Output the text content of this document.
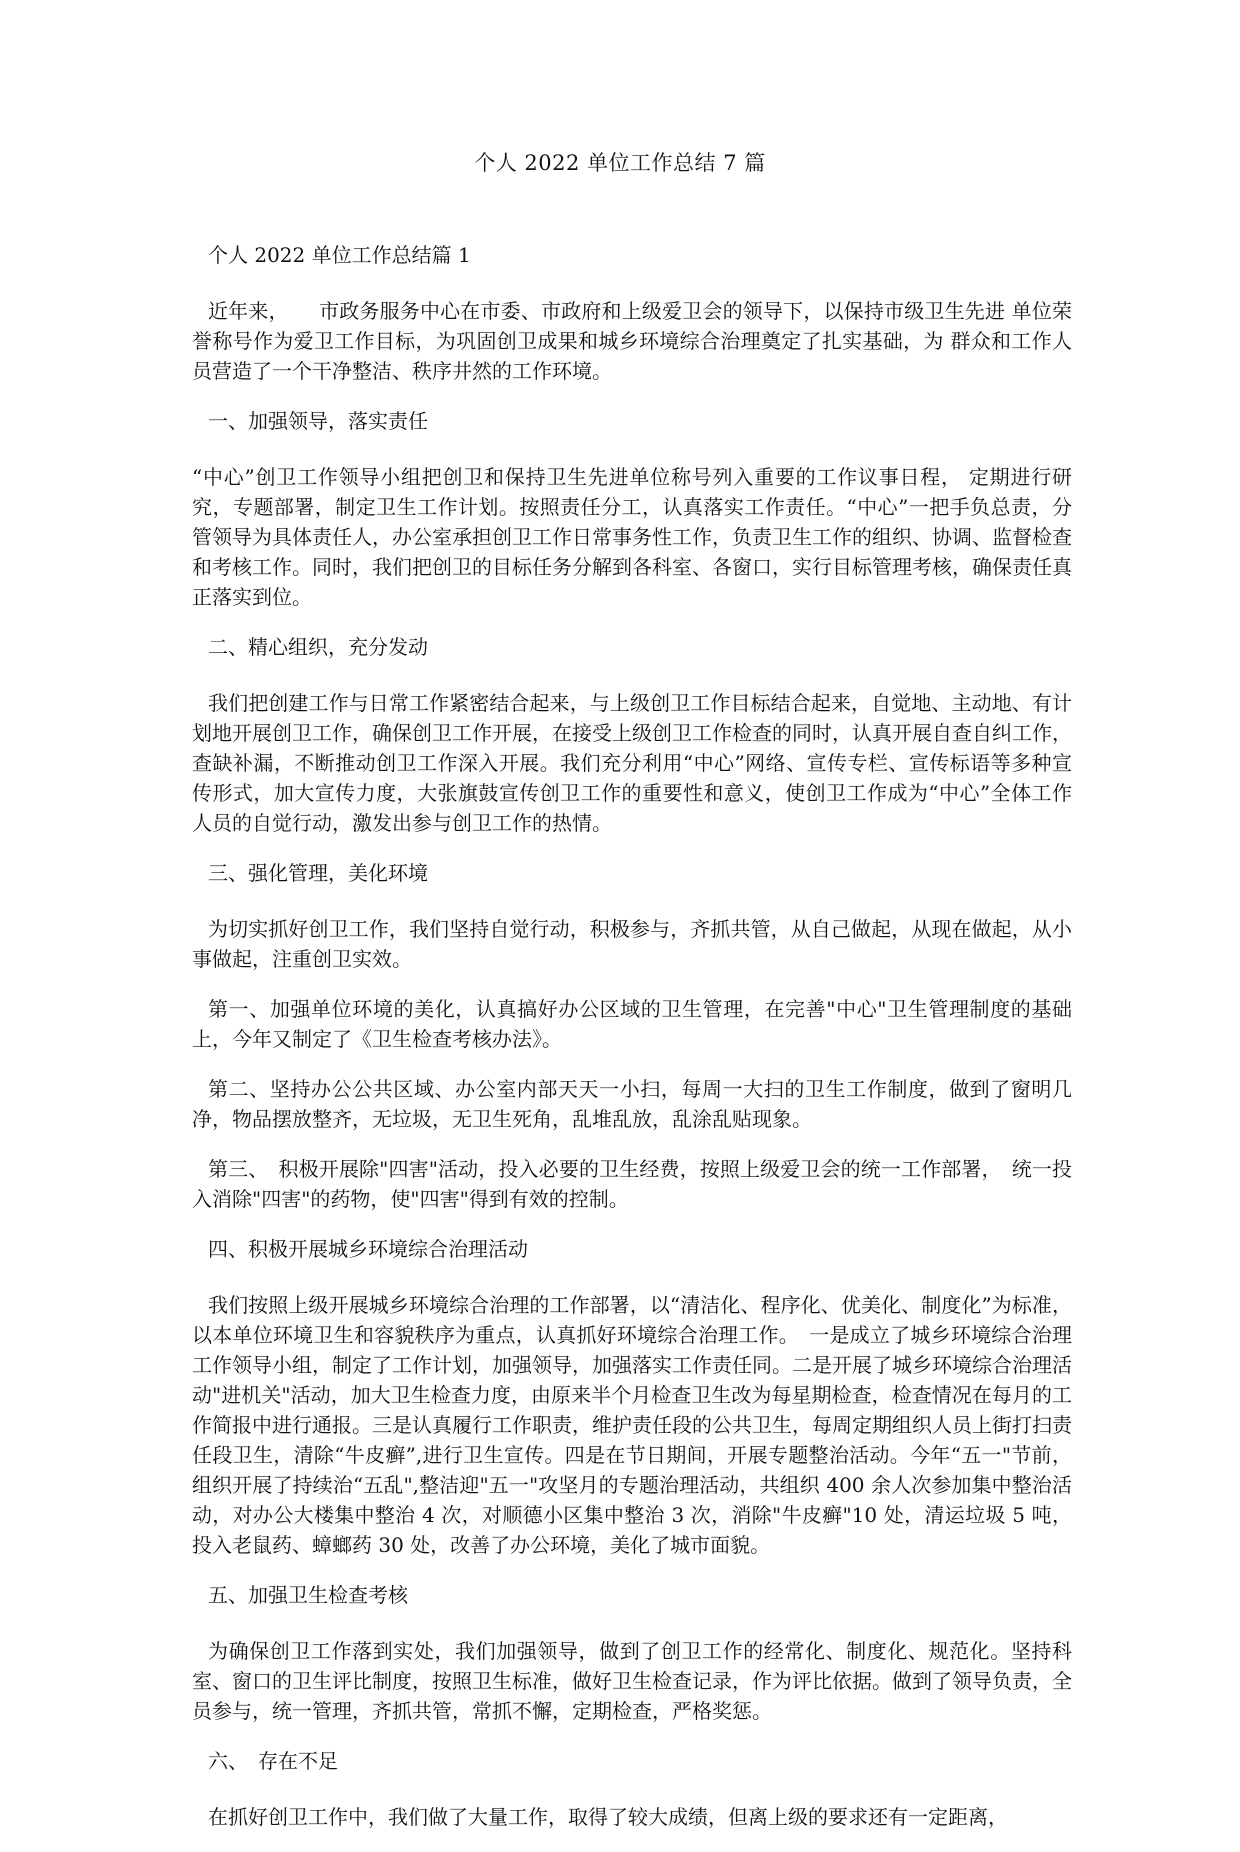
个人 2022 单位工作总结 7 篇

个人 2022 单位工作总结篇 1

近年来，　　市政务服务中心在市委、市政府和上级爱卫会的领导下，以保持市级卫生先进 单位荣誉称号作为爱卫工作目标，为巩固创卫成果和城乡环境综合治理奠定了扎实基础，为 群众和工作人员营造了一个干净整洁、秩序井然的工作环境。

一、加强领导，落实责任

“中心”创卫工作领导小组把创卫和保持卫生先进单位称号列入重要的工作议事日程， 定期进行研究，专题部署，制定卫生工作计划。按照责任分工，认真落实工作责任。“中心”一把手负总责，分管领导为具体责任人，办公室承担创卫工作日常事务性工作，负责卫生工作的组织、协调、监督检查和考核工作。同时，我们把创卫的目标任务分解到各科室、各窗口，实行目标管理考核，确保责任真正落实到位。

二、精心组织，充分发动

我们把创建工作与日常工作紧密结合起来，与上级创卫工作目标结合起来，自觉地、主动地、有计划地开展创卫工作，确保创卫工作开展，在接受上级创卫工作检查的同时，认真开展自查自纠工作，查缺补漏，不断推动创卫工作深入开展。我们充分利用“中心”网络、宣传专栏、宣传标语等多种宣传形式，加大宣传力度，大张旗鼓宣传创卫工作的重要性和意义，使创卫工作成为“中心”全体工作人员的自觉行动，激发出参与创卫工作的热情。

三、强化管理，美化环境

为切实抓好创卫工作，我们坚持自觉行动，积极参与，齐抓共管，从自己做起，从现在做起，从小事做起，注重创卫实效。

第一、加强单位环境的美化，认真搞好办公区域的卫生管理，在完善"中心"卫生管理制度的基础上，今年又制定了《卫生检查考核办法》。

第二、坚持办公公共区域、办公室内部天天一小扫，每周一大扫的卫生工作制度，做到了窗明几净，物品摆放整齐，无垃圾，无卫生死角，乱堆乱放，乱涂乱贴现象。

第三、　积极开展除"四害"活动，投入必要的卫生经费，按照上级爱卫会的统一工作部署，　统一投入消除"四害"的药物，使"四害"得到有效的控制。

四、积极开展城乡环境综合治理活动

我们按照上级开展城乡环境综合治理的工作部署，以“清洁化、程序化、优美化、制度化”为标准，以本单位环境卫生和容貌秩序为重点，认真抓好环境综合治理工作。　一是成立了城乡环境综合治理工作领导小组，制定了工作计划，加强领导，加强落实工作责任同。二是开展了城乡环境综合治理活动"进机关"活动，加大卫生检查力度，由原来半个月检查卫生改为每星期检查，检查情况在每月的工作简报中进行通报。三是认真履行工作职责，维护责任段的公共卫生，每周定期组织人员上街打扫责任段卫生，清除“牛皮癣”,进行卫生宣传。四是在节日期间，开展专题整治活动。今年“五一"节前，组织开展了持续治“五乱",整洁迎"五一"攻坚月的专题治理活动，共组织 400 余人次参加集中整治活动，对办公大楼集中整治 4 次，对顺德小区集中整治 3 次，消除"牛皮癣"10 处，清运垃圾 5 吨，投入老鼠药、蟑螂药 30 处，改善了办公环境，美化了城市面貌。

五、加强卫生检查考核

为确保创卫工作落到实处，我们加强领导，做到了创卫工作的经常化、制度化、规范化。坚持科室、窗口的卫生评比制度，按照卫生标准，做好卫生检查记录，作为评比依据。做到了领导负责，全员参与，统一管理，齐抓共管，常抓不懈，定期检查，严格奖惩。

六、　存在不足

在抓好创卫工作中，我们做了大量工作，取得了较大成绩，但离上级的要求还有一定距离，
